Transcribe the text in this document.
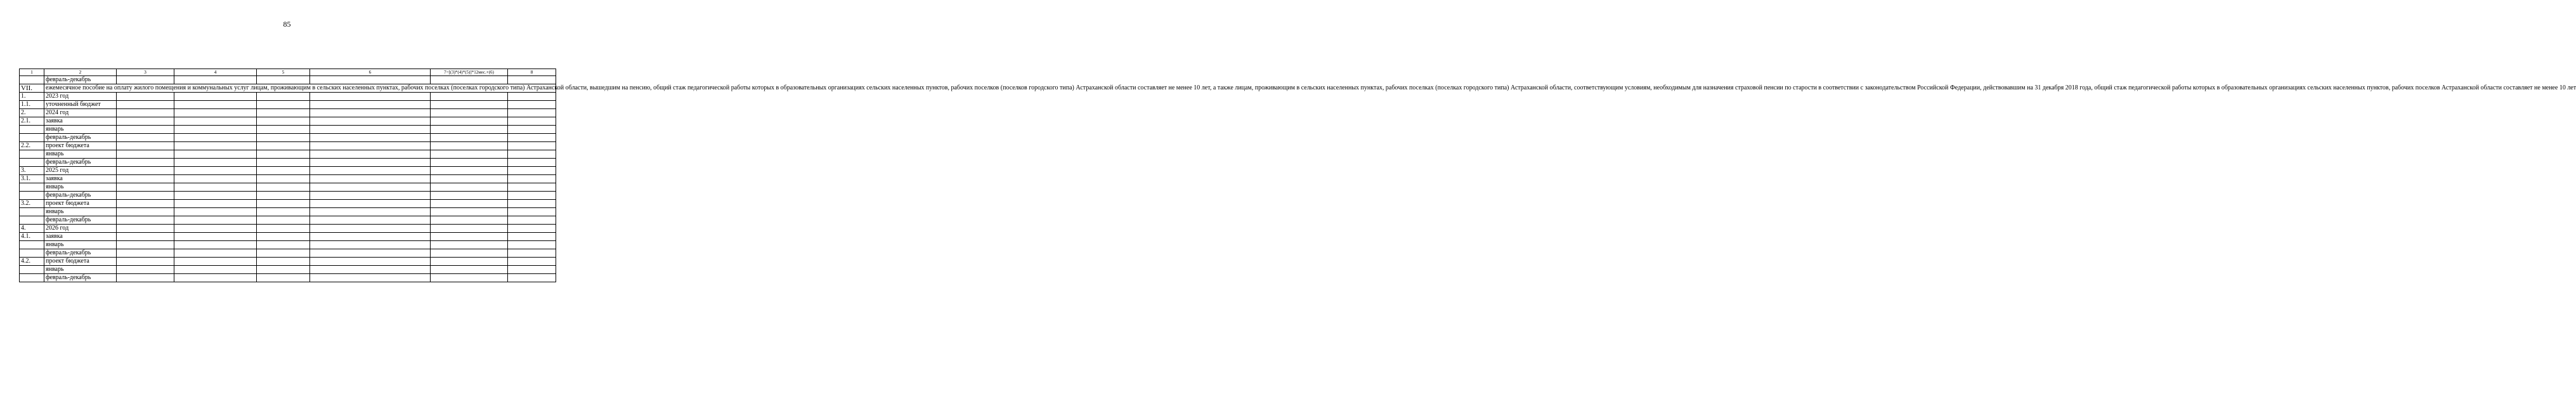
85
1	2	3	4	5	6	7=[(3)*(4)*(5)]*12мес.+(6)	8
	февраль-декабрь						
VII.	ежемесячное пособие на оплату жилого помещения и коммунальных услуг лицам, проживающим в сельских населенных пунктах, рабочих поселках (поселках городского типа) Астраханской области, вышедшим на пенсию, общий стаж педагогической работы которых в образовательных организациях сельских населенных пунктов, рабочих поселков (поселков городского типа) Астраханской области составляет не менее 10 лет, а также лицам, проживающим в сельских населенных пунктах, рабочих поселках (поселках городского типа) Астраханской области, соответствующим условиям, необходимым для назначения страховой пенсии по старости в соответствии с законодательством Российской Федерации, действовавшим на 31 декабря 2018 года, общий стаж педагогической работы которых в образовательных организациях сельских населенных пунктов, рабочих поселков Астраханской области составляет не менее 10 лет						
1.	2023 год						
1.1.	уточненный бюджет						
2.	2024 год						
2.1.	заявка						
	январь						
	февраль-декабрь						
2.2.	проект бюджета						
	январь						
	февраль-декабрь						
3.	2025 год						
3.1.	заявка						
	январь						
	февраль-декабрь						
3.2.	проект бюджета						
	январь						
	февраль-декабрь						
4.	2026 год						
4.1.	заявка						
	январь						
	февраль-декабрь						
4.2.	проект бюджета						
	январь						
	февраль-декабрь						
